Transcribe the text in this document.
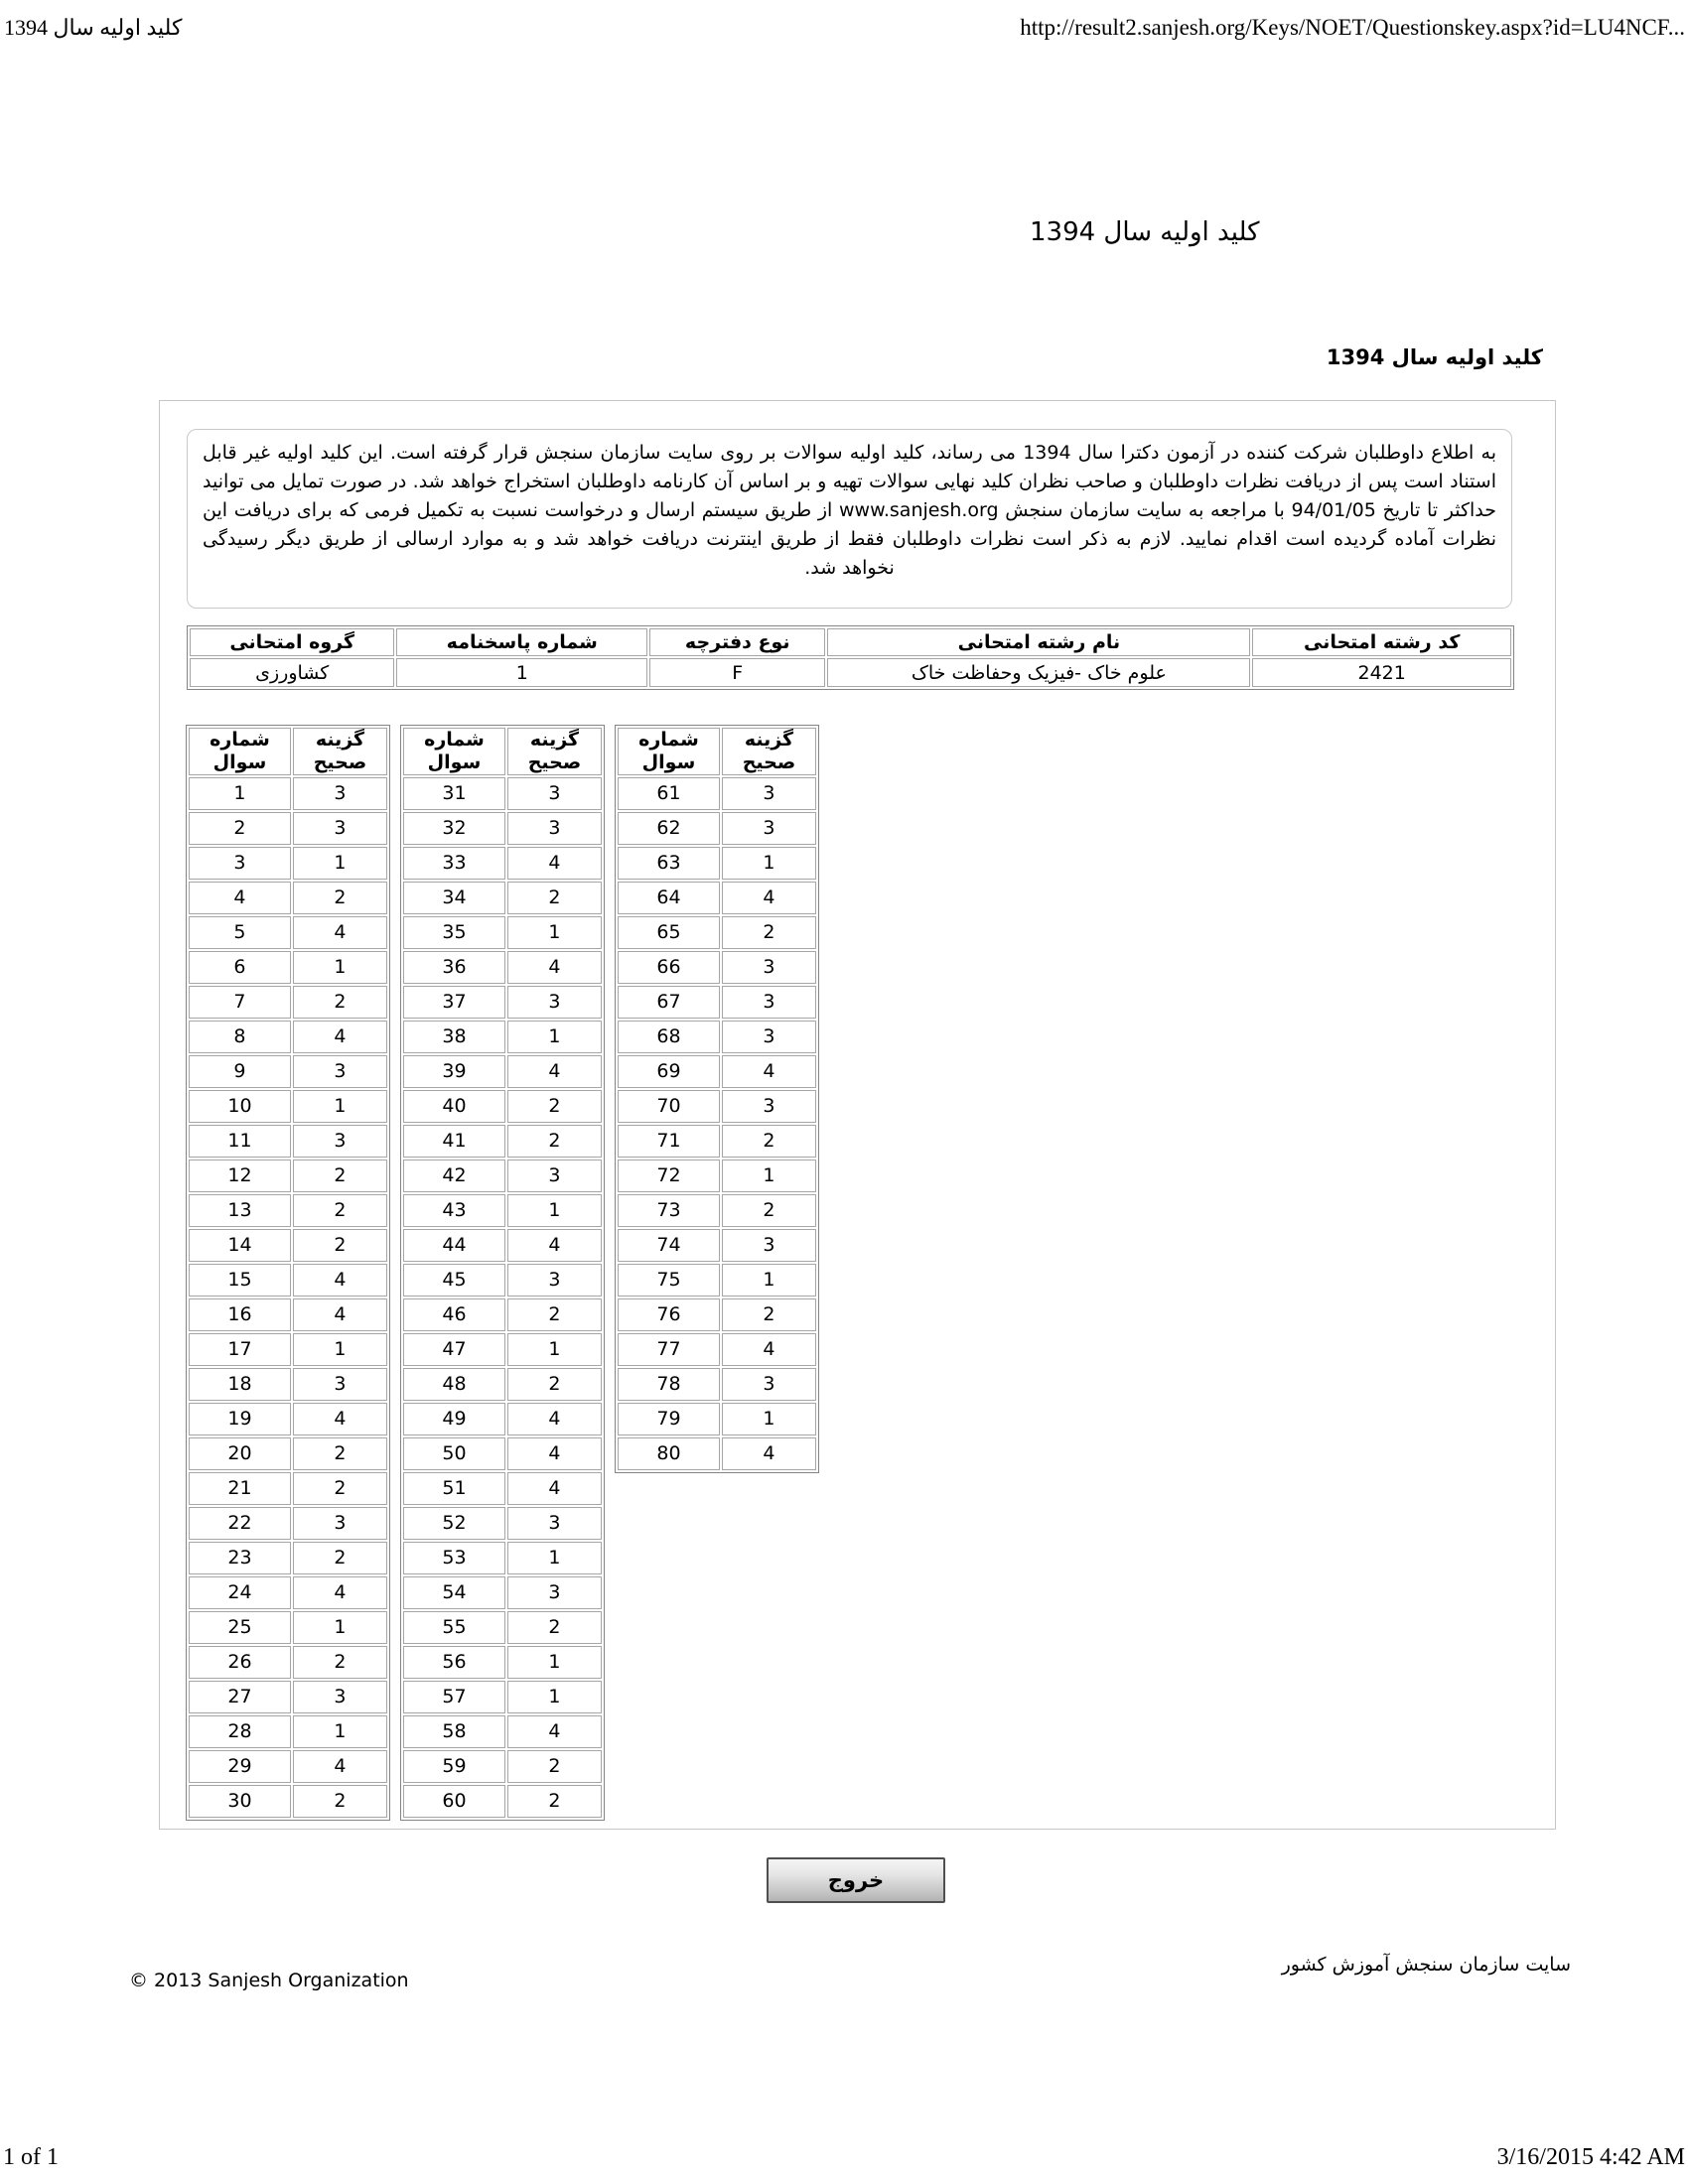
کلید اولیه سال 1394	http://result2.sanjesh.org/Keys/NOET/Questionskey.aspx?id=LU4NCF...
کلید اولیه سال 1394
کلید اولیه سال 1394
به اطلاع داوطلبان شرکت کننده در آزمون دکترا سال 1394 می رساند، کلید اولیه سوالات بر روی سایت سازمان سنجش قرار گرفته است. این کلید اولیه غیر قابل استناد است پس از دریافت نظرات داوطلبان و صاحب نظران کلید نهایی سوالات تهیه و بر اساس آن کارنامه داوطلبان استخراج خواهد شد. در صورت تمایل می توانید حداکثر تا تاریخ 94/01/05 با مراجعه به سایت سازمان سنجش www.sanjesh.org از طریق سیستم ارسال و درخواست نسبت به تکمیل فرمی که برای دریافت این نظرات آماده گردیده است اقدام نمایید. لازم به ذکر است نظرات داوطلبان فقط از طریق اینترنت دریافت خواهد شد و به موارد ارسالی از طریق دیگر رسیدگی نخواهد شد.
کد رشته امتحانی	نام رشته امتحانی	نوع دفترچه	شماره پاسخنامه	گروه امتحانی
2421	علوم خاک -فیزیک وحفاظت خاک	F	1	کشاورزی
شماره
سوال	گزینه
صحیح
1	3
2	3
3	1
4	2
5	4
6	1
7	2
8	4
9	3
10	1
11	3
12	2
13	2
14	2
15	4
16	4
17	1
18	3
19	4
20	2
21	2
22	3
23	2
24	4
25	1
26	2
27	3
28	1
29	4
30	2
شماره
سوال	گزینه
صحیح
31	3
32	3
33	4
34	2
35	1
36	4
37	3
38	1
39	4
40	2
41	2
42	3
43	1
44	4
45	3
46	2
47	1
48	2
49	4
50	4
51	4
52	3
53	1
54	3
55	2
56	1
57	1
58	4
59	2
60	2
شماره
سوال	گزینه
صحیح
61	3
62	3
63	1
64	4
65	2
66	3
67	3
68	3
69	4
70	3
71	2
72	1
73	2
74	3
75	1
76	2
77	4
78	3
79	1
80	4
خروج
© 2013 Sanjesh Organization
سایت سازمان سنجش آموزش کشور
1 of 1	3/16/2015 4:42 AM
